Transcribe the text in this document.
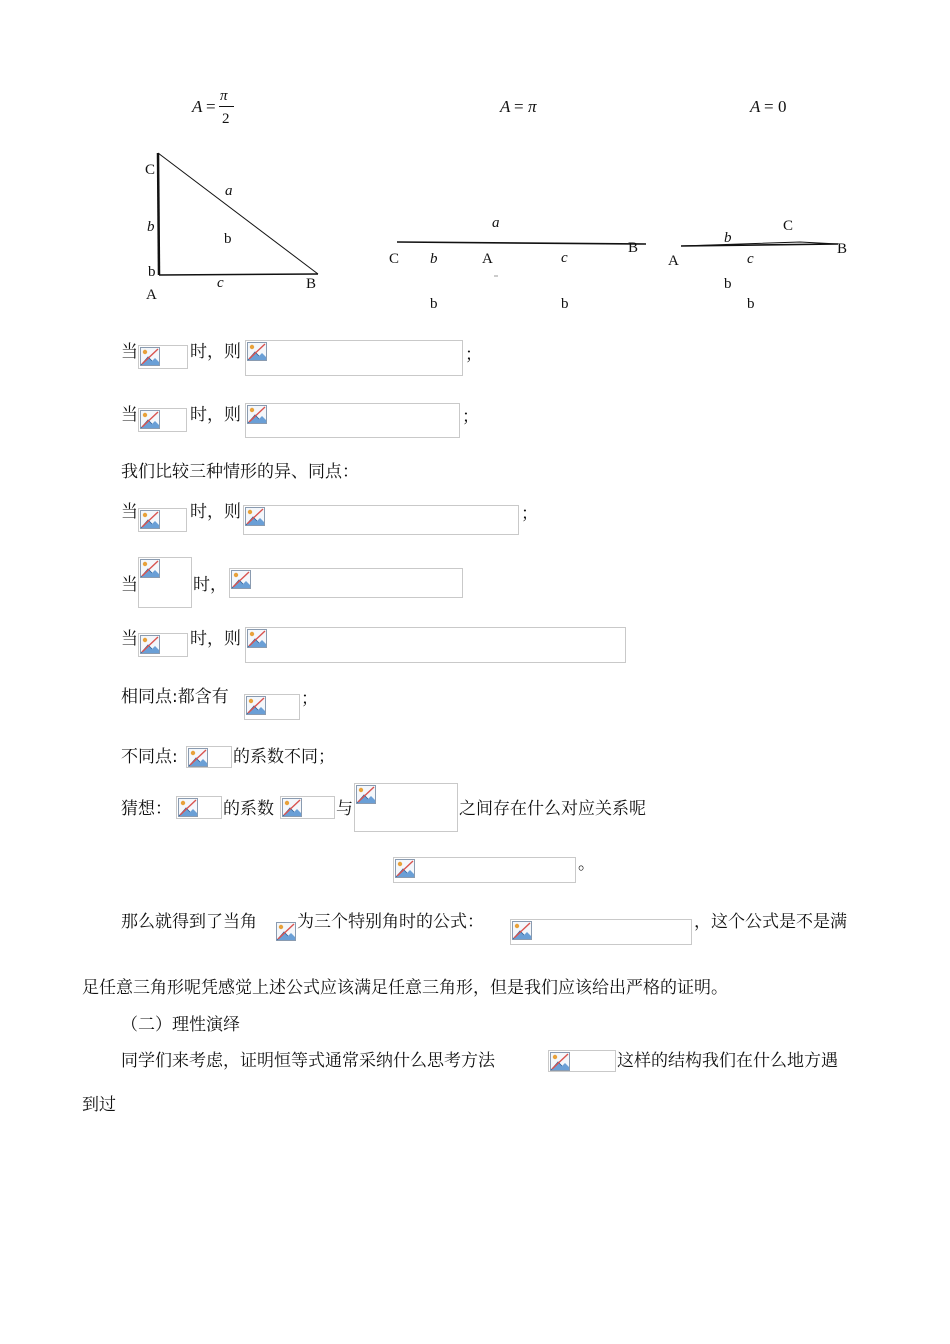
A =
π
2
C
a
b
b
b
A
c	B
A = π
a
C b	A	c
B
b	b
A = 0
C
b
B
A	c
b
b
当	时，则	；
当	时，则	；
我们比较三种情形的异、同点：
当	时，则	；
当	时，
当	时，则
相同点:都含有	；
不同点:	的系数不同；
猜想：	的系数	与	之间存在什么对应关系呢
。
那么就得到了当角 为三个特别角时的公式：	，这个公式是不是满
足任意三角形呢凭感觉上述公式应该满足任意三角形，但是我们应该给出严格的证明。
（二）理性演绎
同学们来考虑，证明恒等式通常采纳什么思考方法	这样的结构我们在什么地方遇
到过
